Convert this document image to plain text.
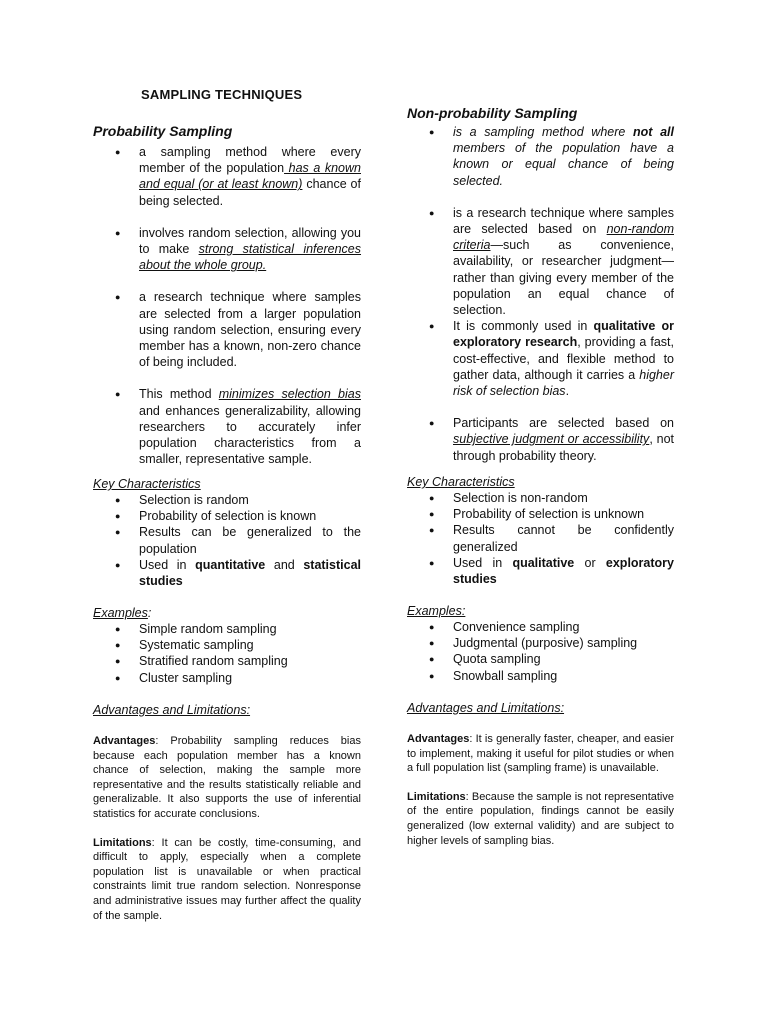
SAMPLING TECHNIQUES
Probability Sampling
● a sampling method where every member of the population has a known and equal (or at least known) chance of being selected.
● involves random selection, allowing you to make strong statistical inferences about the whole group.
● a research technique where samples are selected from a larger population using random selection, ensuring every member has a known, non-zero chance of being included.
● This method minimizes selection bias and enhances generalizability, allowing researchers to accurately infer population characteristics from a smaller, representative sample.

Key Characteristics

● Selection is random
● Probability of selection is known
● Results can be generalized to the population
● Used in quantitative and statistical studies

Examples:

● Simple random sampling
● Systematic sampling
● Stratified random sampling
● Cluster sampling

Advantages and Limitations:

Advantages: Probability sampling reduces bias because each population member has a known chance of selection, making the sample more representative and the results statistically reliable and generalizable. It also supports the use of inferential statistics for accurate conclusions.

Limitations: It can be costly, time-consuming, and difficult to apply, especially when a complete population list is unavailable or when practical constraints limit true random selection. Nonresponse and administrative issues may further affect the quality of the sample.

Non-probability Sampling
● is a sampling method where not all members of the population have a known or equal chance of being selected.
● is a research technique where samples are selected based on non-random criteria—such as convenience, availability, or researcher judgment—rather than giving every member of the population an equal chance of selection.
● It is commonly used in qualitative or exploratory research, providing a fast, cost-effective, and flexible method to gather data, although it carries a higher risk of selection bias.
● Participants are selected based on subjective judgment or accessibility, not through probability theory.

Key Characteristics

● Selection is non-random
● Probability of selection is unknown
● Results cannot be confidently generalized
● Used in qualitative or exploratory studies

Examples:

● Convenience sampling
● Judgmental (purposive) sampling
● Quota sampling
● Snowball sampling

Advantages and Limitations:

Advantages: It is generally faster, cheaper, and easier to implement, making it useful for pilot studies or when a full population list (sampling frame) is unavailable.

Limitations: Because the sample is not representative of the entire population, findings cannot be easily generalized (low external validity) and are subject to higher levels of sampling bias.
